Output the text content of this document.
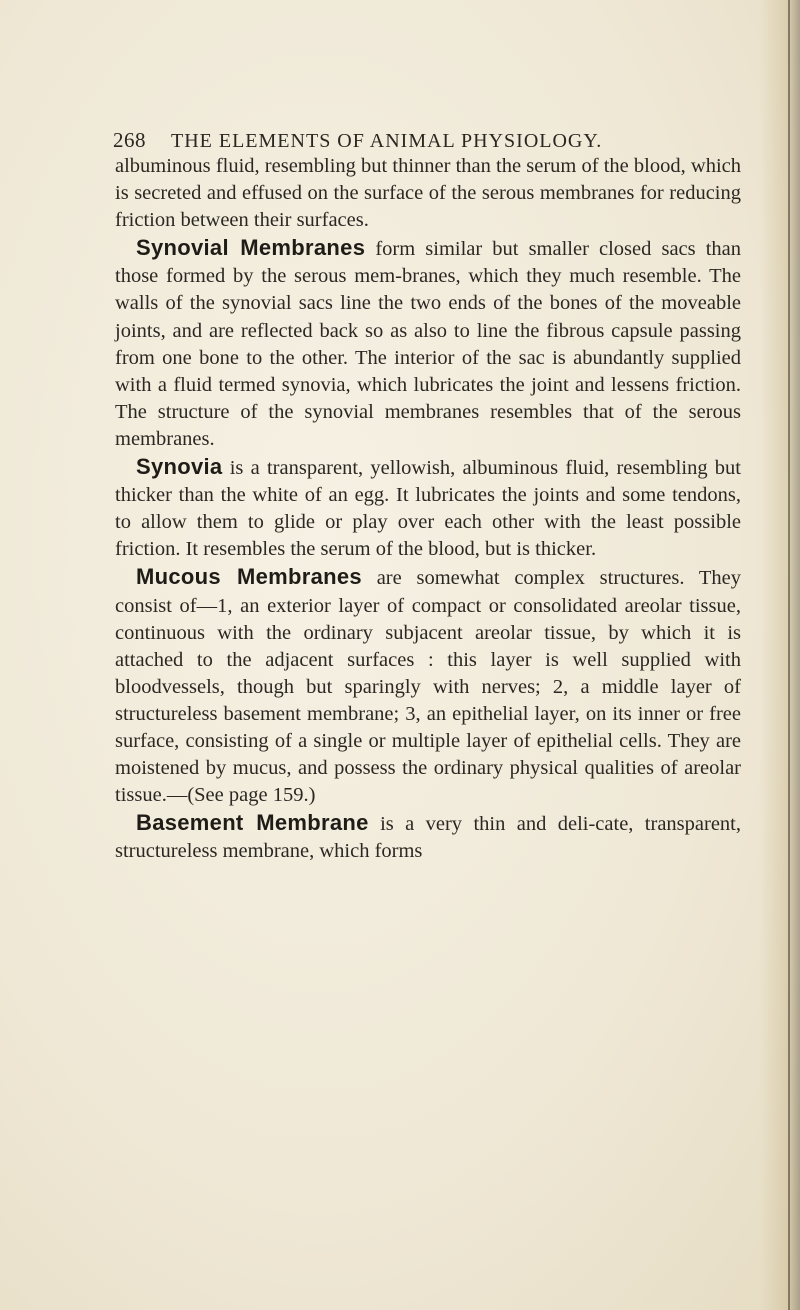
268 THE ELEMENTS OF ANIMAL PHYSIOLOGY.

albuminous fluid, resembling but thinner than the serum of the blood, which is secreted and effused on the surface of the serous membranes for reducing friction between their surfaces.

Synovial Membranes form similar but smaller closed sacs than those formed by the serous mem-branes, which they much resemble. The walls of the synovial sacs line the two ends of the bones of the moveable joints, and are reflected back so as also to line the fibrous capsule passing from one bone to the other. The interior of the sac is abundantly supplied with a fluid termed synovia, which lubricates the joint and lessens friction. The structure of the synovial membranes resembles that of the serous membranes.

Synovia is a transparent, yellowish, albuminous fluid, resembling but thicker than the white of an egg. It lubricates the joints and some tendons, to allow them to glide or play over each other with the least possible friction. It resembles the serum of the blood, but is thicker.

Mucous Membranes are somewhat complex structures. They consist of—1, an exterior layer of compact or consolidated areolar tissue, continuous with the ordinary subjacent areolar tissue, by which it is attached to the adjacent surfaces : this layer is well supplied with bloodvessels, though but sparingly with nerves; 2, a middle layer of structureless basement membrane; 3, an epithelial layer, on its inner or free surface, consisting of a single or multiple layer of epithelial cells. They are moistened by mucus, and possess the ordinary physical qualities of areolar tissue.—(See page 159.)

Basement Membrane is a very thin and deli-cate, transparent, structureless membrane, which forms
